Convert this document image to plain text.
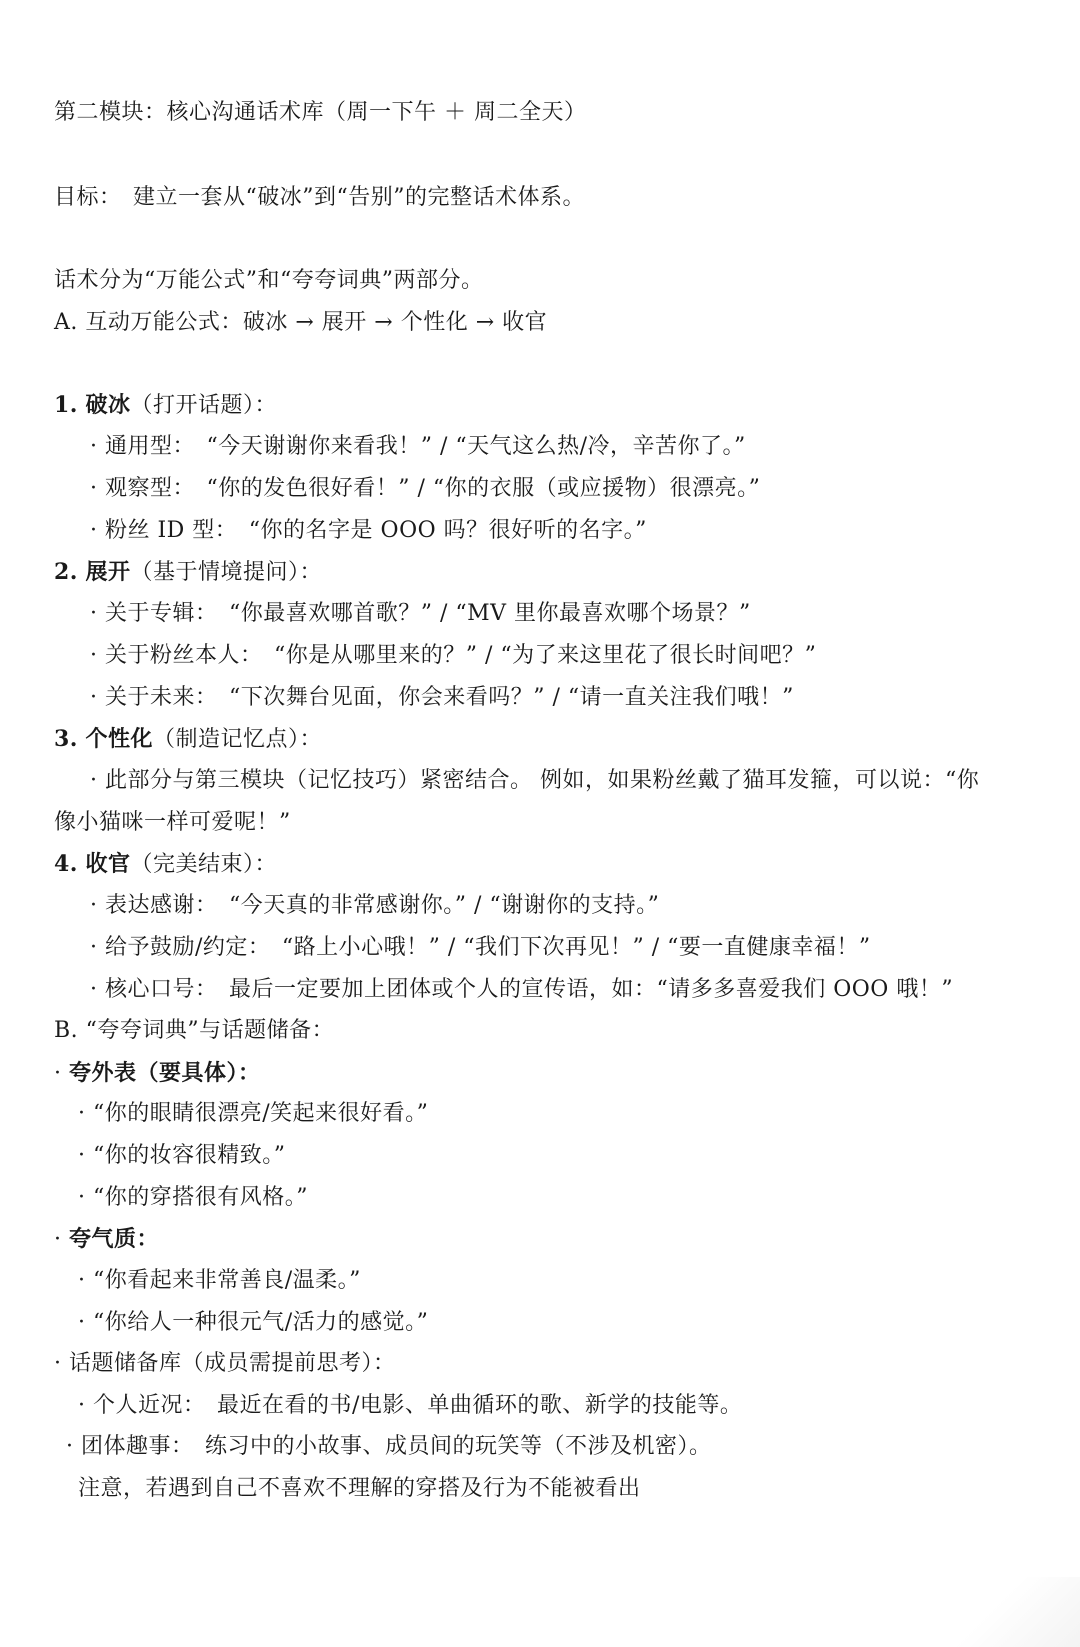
第二模块：核心沟通话术库（周一下午 ＋ 周二全天）
目标：　建立一套从“破冰”到“告别”的完整话术体系。
话术分为“万能公式”和“夸夸词典”两部分。
A. 互动万能公式：破冰 → 展开 → 个性化 → 收官
1. 破冰（打开话题）：
· 通用型：　“今天谢谢你来看我！” / “天气这么热/冷，辛苦你了。”
· 观察型：　“你的发色很好看！” / “你的衣服（或应援物）很漂亮。”
· 粉丝 ID 型：　“你的名字是 OOO 吗？很好听的名字。”
2. 展开（基于情境提问）：
· 关于专辑：　“你最喜欢哪首歌？” / “MV 里你最喜欢哪个场景？”
· 关于粉丝本人：　“你是从哪里来的？” / “为了来这里花了很长时间吧？”
· 关于未来：　“下次舞台见面，你会来看吗？” / “请一直关注我们哦！”
3. 个性化（制造记忆点）：
· 此部分与第三模块（记忆技巧）紧密结合。 例如，如果粉丝戴了猫耳发箍，可以说：“你
像小猫咪一样可爱呢！”
4. 收官（完美结束）：
· 表达感谢：　“今天真的非常感谢你。” / “谢谢你的支持。”
· 给予鼓励/约定：　“路上小心哦！” / “我们下次再见！” / “要一直健康幸福！”
· 核心口号：　最后一定要加上团体或个人的宣传语，如：“请多多喜爱我们 OOO 哦！”
B. “夸夸词典”与话题储备：
· 夸外表（要具体）：
· “你的眼睛很漂亮/笑起来很好看。”
· “你的妆容很精致。”
· “你的穿搭很有风格。”
· 夸气质：
· “你看起来非常善良/温柔。”
· “你给人一种很元气/活力的感觉。”
· 话题储备库（成员需提前思考）：
· 个人近况：　最近在看的书/电影、单曲循环的歌、新学的技能等。
· 团体趣事：　练习中的小故事、成员间的玩笑等（不涉及机密）。
注意，若遇到自己不喜欢不理解的穿搭及行为不能被看出
